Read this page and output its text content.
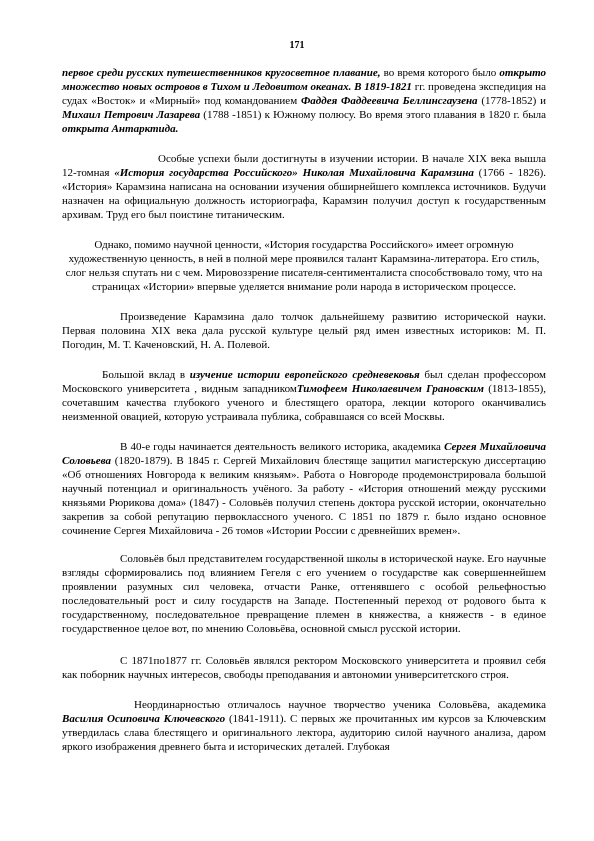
171

первое среди русских путешественников кругосветное плавание, во время которого было открыто множество новых островов в Тихом и Ледовитом океанах. В 1819-1821 гг. проведена экспедиция на судах «Восток» и «Мирный» под командованием Фаддея Фаддеевича Беллинсгаузена (1778-1852) и Михаил Петрович Лазарева (1788 -1851) к Южному полюсу. Во время этого плавания в 1820 г. была открыта Антарктида.

Особые успехи были достигнуты в изучении истории. В начале XIX века вышла 12-томная «История государства Российского» Николая Михайловича Карамзина (1766 - 1826). «История» Карамзина написана на основании изучения обширнейшего комплекса источников. Будучи назначен на официальную должность историографа, Карамзин получил доступ к государственным архивам. Труд его был поистине титаническим.

Однако, помимо научной ценности, «История государства Российского» имеет огромную художественную ценность, в ней в полной мере проявился талант Карамзина-литератора. Его стиль, слог нельзя спутать ни с чем. Мировоззрение писателя-сентименталиста способствовало тому, что на страницах «Истории» впервые уделяется внимание роли народа в историческом процессе.

Произведение Карамзина дало толчок дальнейшему развитию исторической науки. Первая половина XIX века дала русской культуре целый ряд имен известных историков: М. П. Погодин, М. Т. Каченовский, Н. А. Полевой.

Большой вклад в изучение истории европейского средневековья был сделан профессором Московского университета , видным западникомТимофеем Николаевичем Грановским (1813-1855), сочетавшим качества глубокого ученого и блестящего оратора, лекции которого оканчивались неизменной овацией, которую устраивала публика, собравшаяся со всей Москвы.

В 40-е годы начинается деятельность великого историка, академика Сергея Михайловича Соловьева (1820-1879). В 1845 г. Сергей Михайлович блестяще защитил магистерскую диссертацию «Об отношениях Новгорода к великим князьям». Работа о Новгороде продемонстрировала большой научный потенциал и оригинальность учёного. За работу - «История отношений между русскими князьями Рюрикова дома» (1847) - Соловьёв получил степень доктора русской истории, окончательно закрепив за собой репутацию первоклассного ученого. С 1851 по 1879 г. было издано основное сочинение Сергея Михайловича - 26 томов «Истории России с древнейших времен».

Соловьёв был представителем государственной школы в исторической науке. Его научные взгляды сформировались под влиянием Гегеля с его учением о государстве как совершеннейшем проявлении разумных сил человека, отчасти Ранке, оттенявшего с особой рельефностью последовательный рост и силу государств на Западе. Постепенный переход от родового быта к государственному, последовательное превращение племен в княжества, а княжеств - в единое государственное целое вот, по мнению Соловьёва, основной смысл русской истории.

С 1871по1877 гг. Соловьёв являлся ректором Московского университета и проявил себя как поборник научных интересов, свободы преподавания и автономии университетского строя.

Неординарностью отличалось научное творчество ученика Соловьёва, академика Василия Осиповича Ключевского (1841-1911). С первых же прочитанных им курсов за Ключевским утвердилась слава блестящего и оригинального лектора, аудиторию силой научного анализа, даром яркого изображения древнего быта и исторических деталей. Глубокая
